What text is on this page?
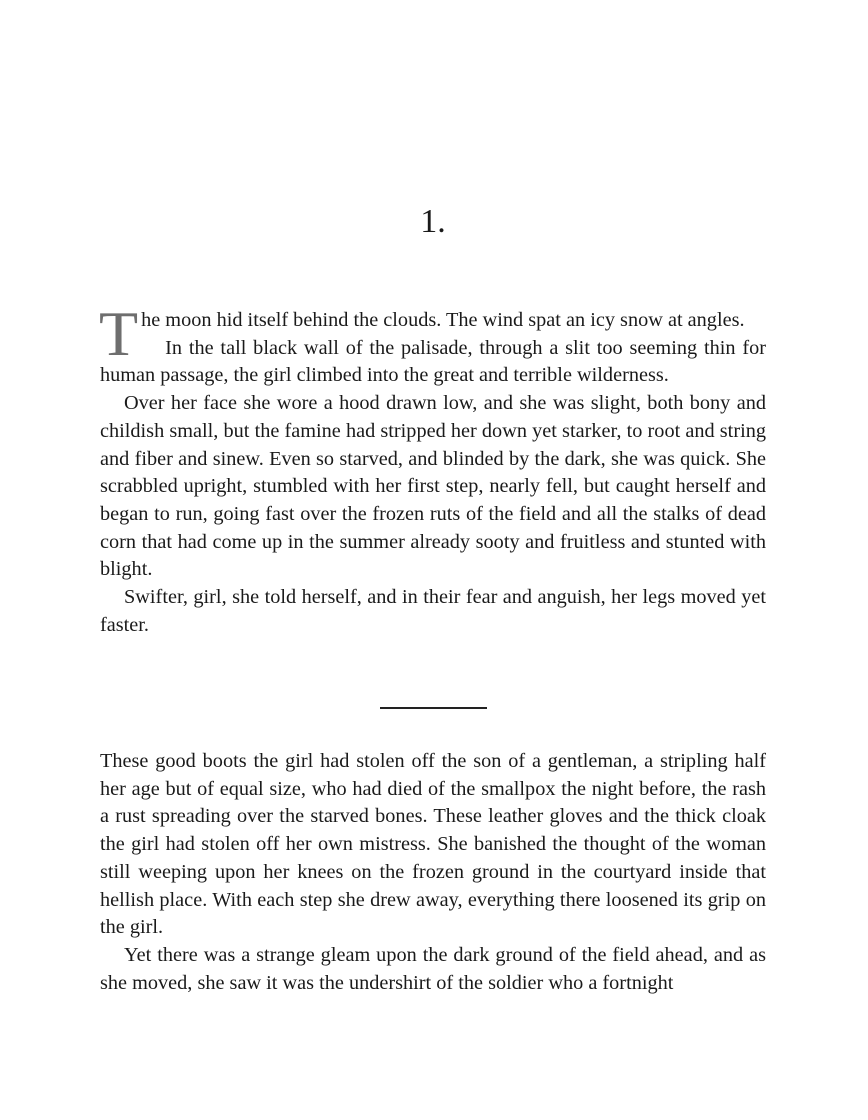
1.

The moon hid itself behind the clouds. The wind spat an icy snow at angles.

In the tall black wall of the palisade, through a slit too seeming thin for human passage, the girl climbed into the great and terrible wilderness.

Over her face she wore a hood drawn low, and she was slight, both bony and childish small, but the famine had stripped her down yet starker, to root and string and fiber and sinew. Even so starved, and blinded by the dark, she was quick. She scrabbled upright, stumbled with her first step, nearly fell, but caught herself and began to run, going fast over the frozen ruts of the field and all the stalks of dead corn that had come up in the summer already sooty and fruitless and stunted with blight.

Swifter, girl, she told herself, and in their fear and anguish, her legs moved yet faster.

These good boots the girl had stolen off the son of a gentleman, a stripling half her age but of equal size, who had died of the smallpox the night before, the rash a rust spreading over the starved bones. These leather gloves and the thick cloak the girl had stolen off her own mistress. She banished the thought of the woman still weeping upon her knees on the frozen ground in the courtyard inside that hellish place. With each step she drew away, everything there loosened its grip on the girl.

Yet there was a strange gleam upon the dark ground of the field ahead, and as she moved, she saw it was the undershirt of the soldier who a fortnight
